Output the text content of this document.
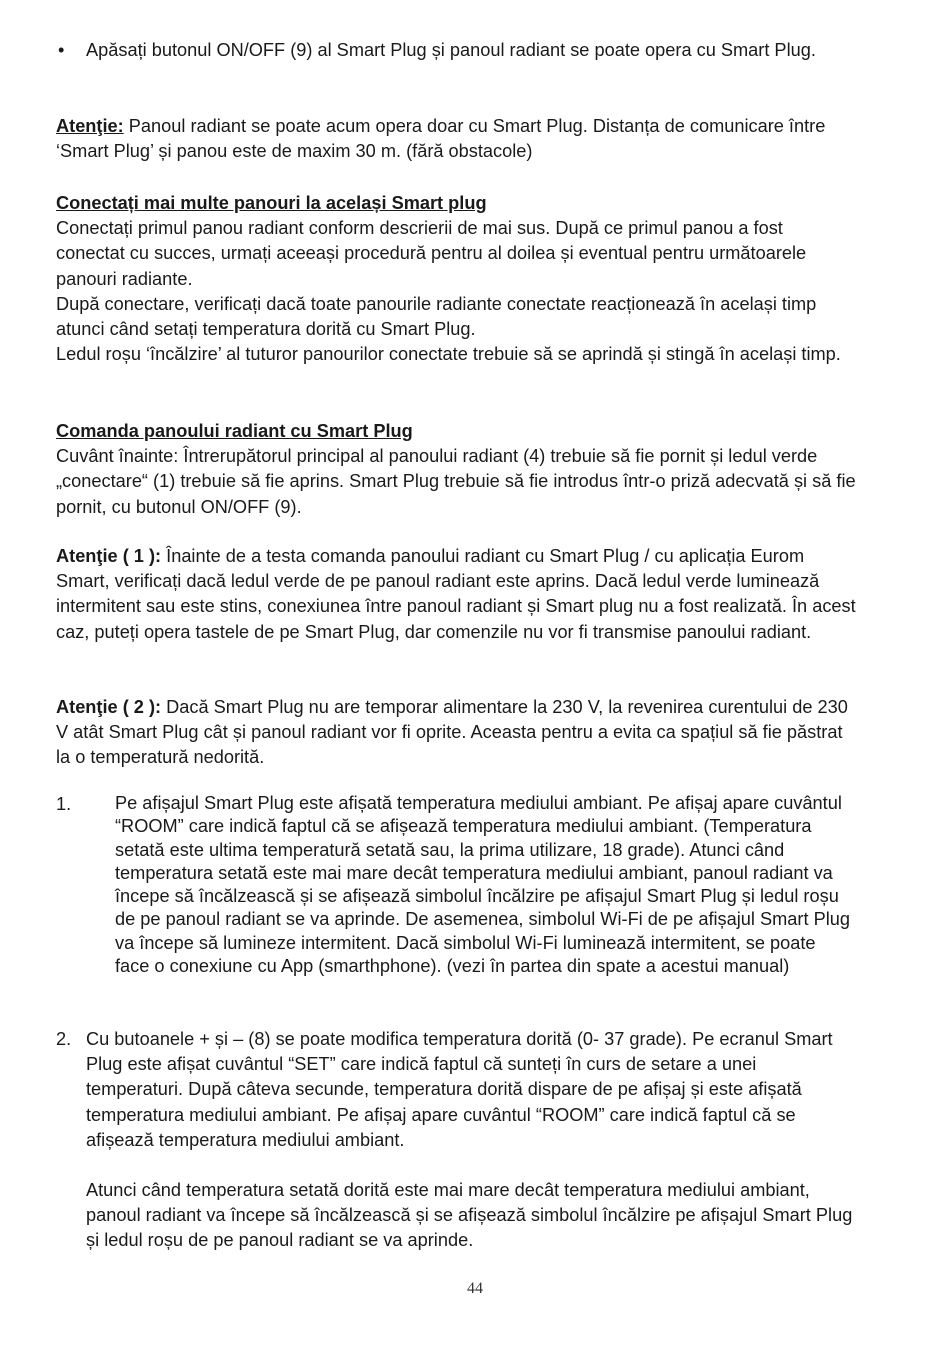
• Apăsați butonul ON/OFF (9) al Smart Plug și panoul radiant se poate opera cu Smart Plug.

Atenţie: Panoul radiant se poate acum opera doar cu Smart Plug. Distanța de comunicare între ‘Smart Plug’ și panou este de maxim 30 m. (fără obstacole)

Conectați mai multe panouri la același Smart plug

Conectați primul panou radiant conform descrierii de mai sus. După ce primul panou a fost conectat cu succes, urmați aceeași procedură pentru al doilea și eventual pentru următoarele panouri radiante.

După conectare, verificați dacă toate panourile radiante conectate reacționează în același timp atunci când setați temperatura dorită cu Smart Plug.

Ledul roșu ‘încălzire’ al tuturor panourilor conectate trebuie să se aprindă și stingă în același timp.

Comanda panoului radiant cu Smart Plug

Cuvânt înainte: Întrerupătorul principal al panoului radiant (4) trebuie să fie pornit și ledul verde „conectare“ (1) trebuie să fie aprins. Smart Plug trebuie să fie introdus într-o priză adecvată și să fie pornit, cu butonul ON/OFF (9).

Atenţie ( 1 ): Înainte de a testa comanda panoului radiant cu Smart Plug / cu aplicația Eurom Smart, verificați dacă ledul verde de pe panoul radiant este aprins. Dacă ledul verde luminează intermitent sau este stins, conexiunea între panoul radiant și Smart plug nu a fost realizată. În acest caz, puteți opera tastele de pe Smart Plug, dar comenzile nu vor fi transmise panoului radiant.

Atenţie ( 2 ): Dacă Smart Plug nu are temporar alimentare la 230 V, la revenirea curentului de 230 V atât Smart Plug cât și panoul radiant vor fi oprite. Aceasta pentru a evita ca spațiul să fie păstrat la o temperatură nedorită.

1. Pe afișajul Smart Plug este afișată temperatura mediului ambiant. Pe afișaj apare cuvântul “ROOM” care indică faptul că se afișează temperatura mediului ambiant. (Temperatura setată este ultima temperatură setată sau, la prima utilizare, 18 grade). Atunci când temperatura setată este mai mare decât temperatura mediului ambiant, panoul radiant va începe să încălzească și se afișează simbolul încălzire pe afișajul Smart Plug și ledul roșu de pe panoul radiant se va aprinde. De asemenea, simbolul Wi-Fi de pe afișajul Smart Plug va începe să lumineze intermitent. Dacă simbolul Wi-Fi luminează intermitent, se poate face o conexiune cu App (smarthphone). (vezi în partea din spate a acestui manual)

2. Cu butoanele + și – (8) se poate modifica temperatura dorită (0- 37 grade). Pe ecranul Smart Plug este afișat cuvântul “SET” care indică faptul că sunteți în curs de setare a unei temperaturi. După câteva secunde, temperatura dorită dispare de pe afișaj și este afișată temperatura mediului ambiant. Pe afișaj apare cuvântul “ROOM” care indică faptul că se afișează temperatura mediului ambiant.

Atunci când temperatura setată dorită este mai mare decât temperatura mediului ambiant, panoul radiant va începe să încălzească și se afișează simbolul încălzire pe afișajul Smart Plug și ledul roșu de pe panoul radiant se va aprinde.

44
